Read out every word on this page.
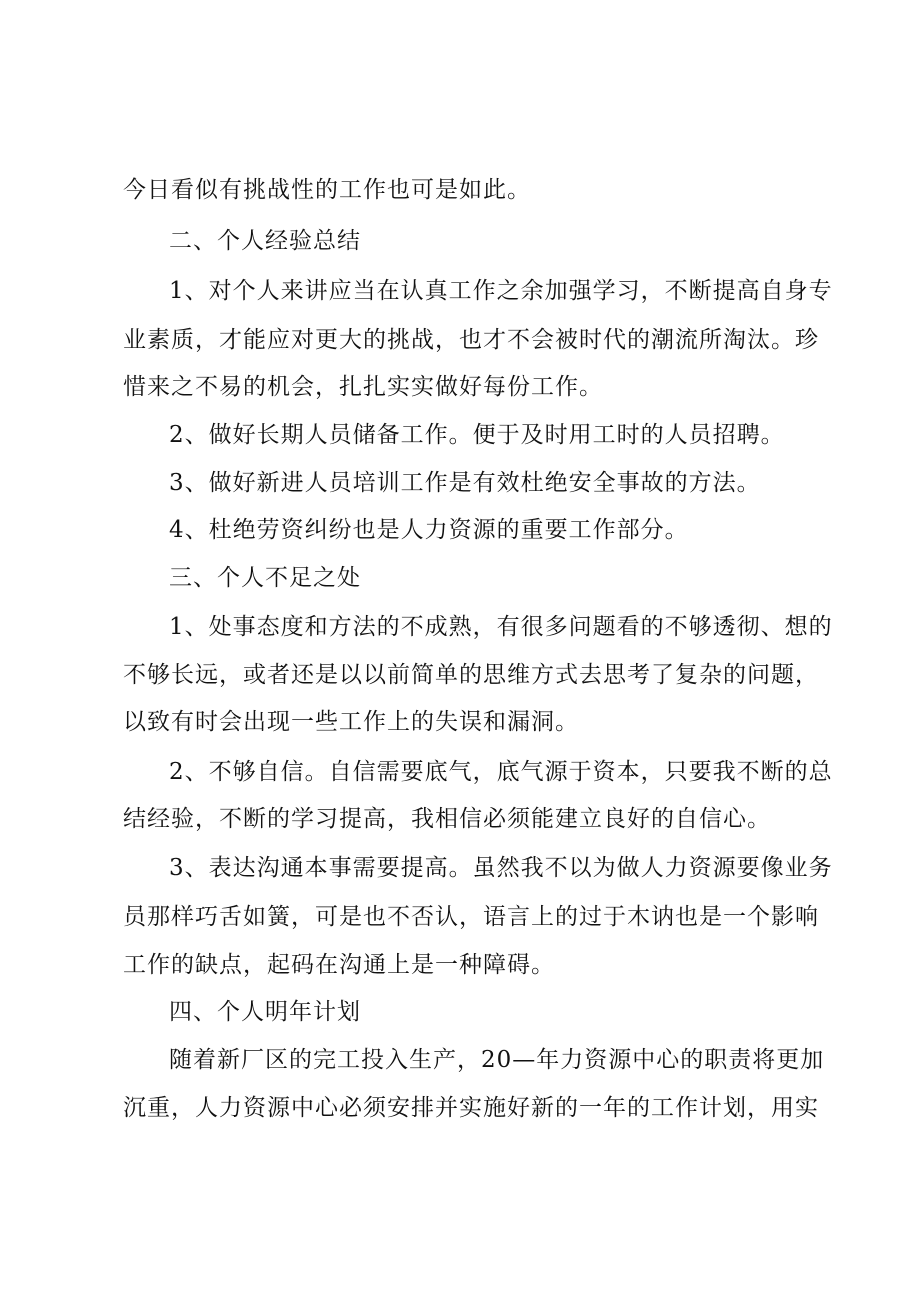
今日看似有挑战性的工作也可是如此。
二、个人经验总结
1、对个人来讲应当在认真工作之余加强学习，不断提高自身专
业素质，才能应对更大的挑战，也才不会被时代的潮流所淘汰。珍
惜来之不易的机会，扎扎实实做好每份工作。
2、做好长期人员储备工作。便于及时用工时的人员招聘。
3、做好新进人员培训工作是有效杜绝安全事故的方法。
4、杜绝劳资纠纷也是人力资源的重要工作部分。
三、个人不足之处
1、处事态度和方法的不成熟，有很多问题看的不够透彻、想的
不够长远，或者还是以以前简单的思维方式去思考了复杂的问题，
以致有时会出现一些工作上的失误和漏洞。
2、不够自信。自信需要底气，底气源于资本，只要我不断的总
结经验，不断的学习提高，我相信必须能建立良好的自信心。
3、表达沟通本事需要提高。虽然我不以为做人力资源要像业务
员那样巧舌如簧，可是也不否认，语言上的过于木讷也是一个影响
工作的缺点，起码在沟通上是一种障碍。
四、个人明年计划
随着新厂区的完工投入生产，20—年力资源中心的职责将更加
沉重，人力资源中心必须安排并实施好新的一年的工作计划，用实
